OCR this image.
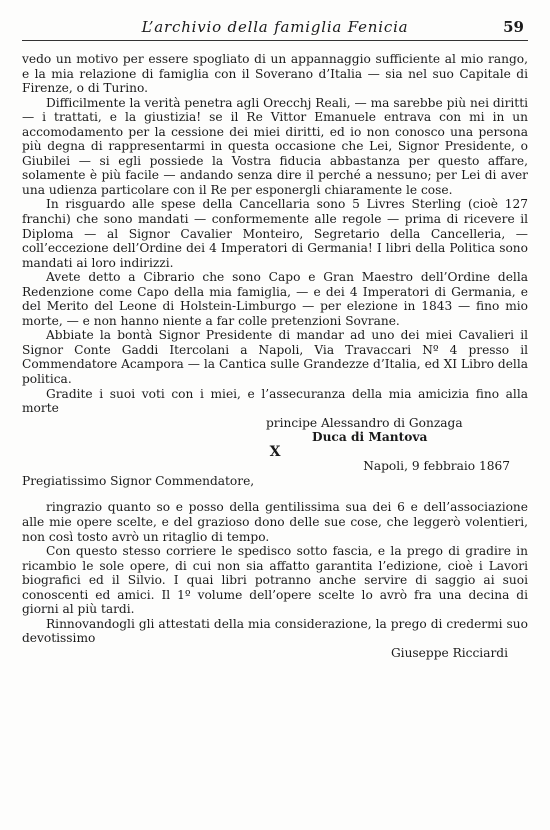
L’archivio della famiglia Fenicia	59

vedo un motivo per essere spogliato di un appannaggio sufficiente al mio rango, e la mia relazione di famiglia con il Soverano d’Italia — sia nel suo Capitale di Firenze, o di Turino.

Difficilmente la verità penetra agli Orecchj Reali, — ma sarebbe più nei diritti — i trattati, e la giustizia! se il Re Vittor Emanuele entrava con mi in un accomodamento per la cessione dei miei diritti, ed io non conosco una persona più degna di rappresentarmi in questa occasione che Lei, Signor Presidente, o Giubilei — si egli possiede la Vostra fiducia abbastanza per questo affare, solamente è più facile — andando senza dire il perché a nessuno; per Lei di aver una udienza particolare con il Re per esponergli chiaramente le cose.

In risguardo alle spese della Cancellaria sono 5 Livres Sterling (cioè 127 franchi) che sono mandati — conformemente alle regole — prima di ricevere il Diploma — al Signor Cavalier Monteiro, Segretario della Cancelleria, — coll’eccezione dell’Ordine dei 4 Imperatori di Germania! I libri della Politica sono mandati ai loro indirizzi.

Avete detto a Cibrario che sono Capo e Gran Maestro dell’Ordine della Redenzione come Capo della mia famiglia, — e dei 4 Imperatori di Germania, e del Merito del Leone di Holstein-Limburgo — per elezione in 1843 — fino mio morte, — e non hanno niente a far colle pretenzioni Sovrane.

Abbiate la bontà Signor Presidente di mandar ad uno dei miei Cavalieri il Signor Conte Gaddi Itercolani a Napoli, Via Travaccari Nº 4 presso il Commendatore Acampora — la Cantica sulle Grandezze d’Italia, ed XI Libro della politica.

Gradite i suoi voti con i miei, e l’assecuranza della mia amicizia fino alla morte

principe Alessandro di Gonzaga

Duca di Mantova

X

Napoli, 9 febbraio 1867

Pregiatissimo Signor Commendatore,

ringrazio quanto so e posso della gentilissima sua dei 6 e dell’associazione alle mie opere scelte, e del grazioso dono delle sue cose, che leggerò volentieri, non così tosto avrò un ritaglio di tempo.

Con questo stesso corriere le spedisco sotto fascia, e la prego di gradire in ricambio le sole opere, di cui non sia affatto garantita l’edizione, cioè i Lavori biografici ed il Silvio. I quai libri potranno anche servire di saggio ai suoi conoscenti ed amici. Il 1º volume dell’opere scelte lo avrò fra una decina di giorni al più tardi.

Rinnovandogli gli attestati della mia considerazione, la prego di credermi suo devotissimo

Giuseppe Ricciardi
